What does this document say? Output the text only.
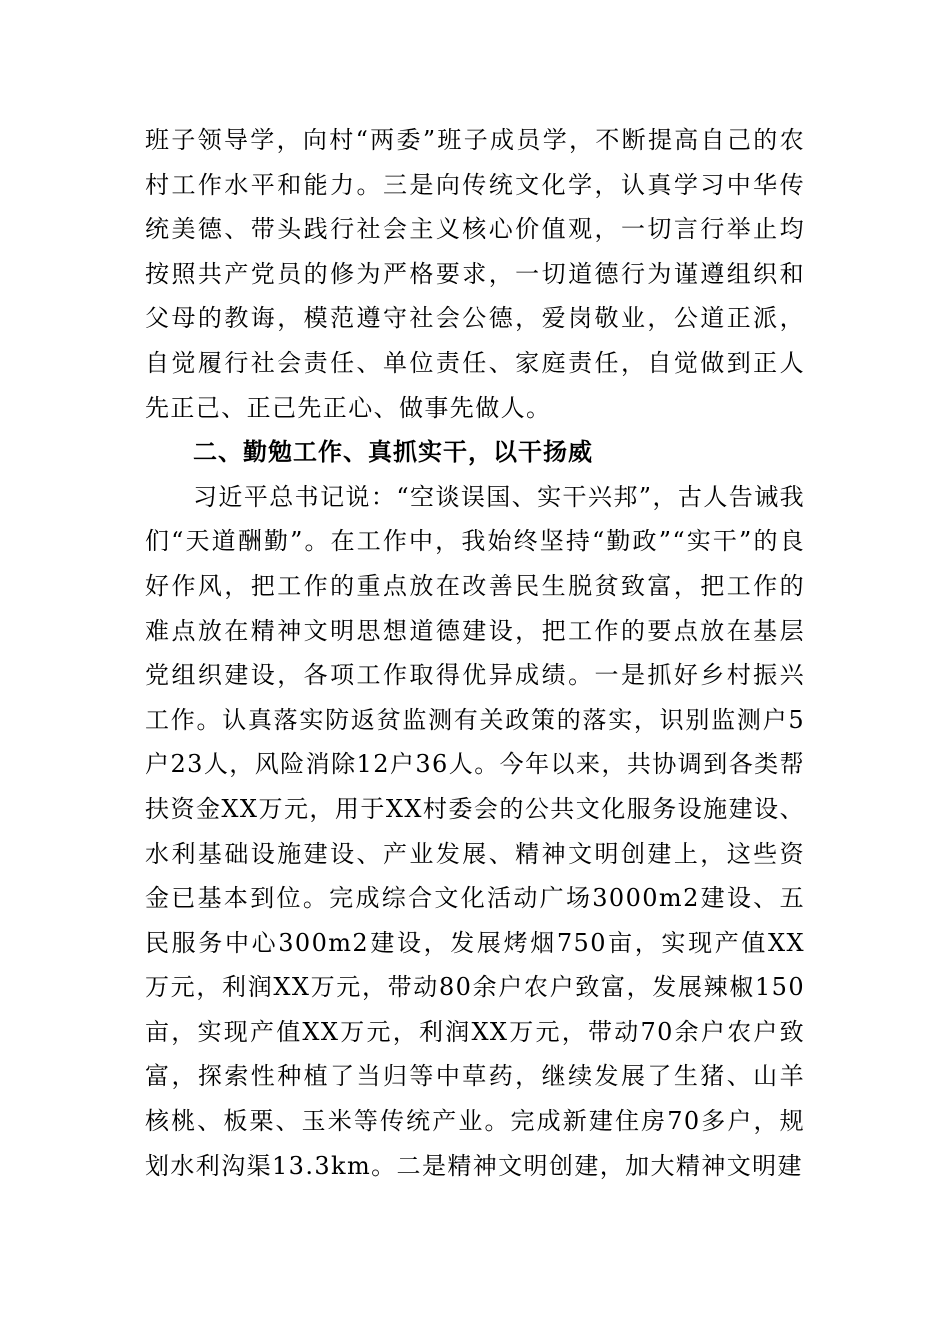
班子领导学，向村“两委”班子成员学，不断提高自己的农村工作水平和能力。三是向传统文化学，认真学习中华传统美德、带头践行社会主义核心价值观，一切言行举止均按照共产党员的修为严格要求，一切道德行为谨遵组织和父母的教诲，模范遵守社会公德，爱岗敬业，公道正派，自觉履行社会责任、单位责任、家庭责任，自觉做到正人先正己、正己先正心、做事先做人。

二、勤勉工作、真抓实干，以干扬威

习近平总书记说：“空谈误国、实干兴邦”，古人告诫我们“天道酬勤”。在工作中，我始终坚持“勤政”“实干”的良好作风，把工作的重点放在改善民生脱贫致富，把工作的难点放在精神文明思想道德建设，把工作的要点放在基层党组织建设，各项工作取得优异成绩。一是抓好乡村振兴工作。认真落实防返贫监测有关政策的落实，识别监测户5户23人，风险消除12户36人。今年以来，共协调到各类帮扶资金XX万元，用于XX村委会的公共文化服务设施建设、水利基础设施建设、产业发展、精神文明创建上，这些资金已基本到位。完成综合文化活动广场3000m2建设、五民服务中心300m2建设，发展烤烟750亩，实现产值XX万元，利润XX万元，带动80余户农户致富，发展辣椒150亩，实现产值XX万元，利润XX万元，带动70余户农户致富，探索性种植了当归等中草药，继续发展了生猪、山羊核桃、板栗、玉米等传统产业。完成新建住房70多户，规划水利沟渠13.3km。二是精神文明创建，加大精神文明建
